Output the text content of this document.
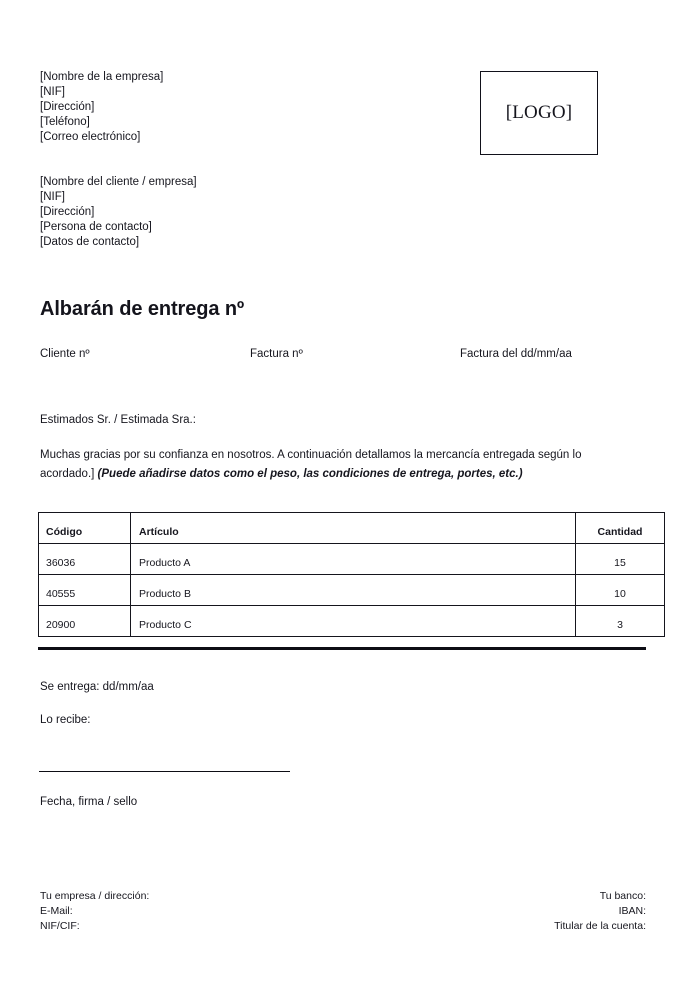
[Nombre de la empresa]
[NIF]
[Dirección]
[Teléfono]
[Correo electrónico]
[LOGO]
[Nombre del cliente / empresa]
[NIF]
[Dirección]
[Persona de contacto]
[Datos de contacto]
Albarán de entrega nº
Cliente nº	Factura nº	Factura del dd/mm/aa
Estimados Sr. / Estimada Sra.:
Muchas gracias por su confianza en nosotros. A continuación detallamos la mercancía entregada según lo acordado.] (Puede añadirse datos como el peso, las condiciones de entrega, portes, etc.)
Código	Artículo	Cantidad
36036	Producto A	15
40555	Producto B	10
20900	Producto C	3
Se entrega: dd/mm/aa
Lo recibe:
Fecha, firma / sello
Tu empresa / dirección:
E-Mail:
NIF/CIF:
Tu banco:
IBAN:
Titular de la cuenta:
